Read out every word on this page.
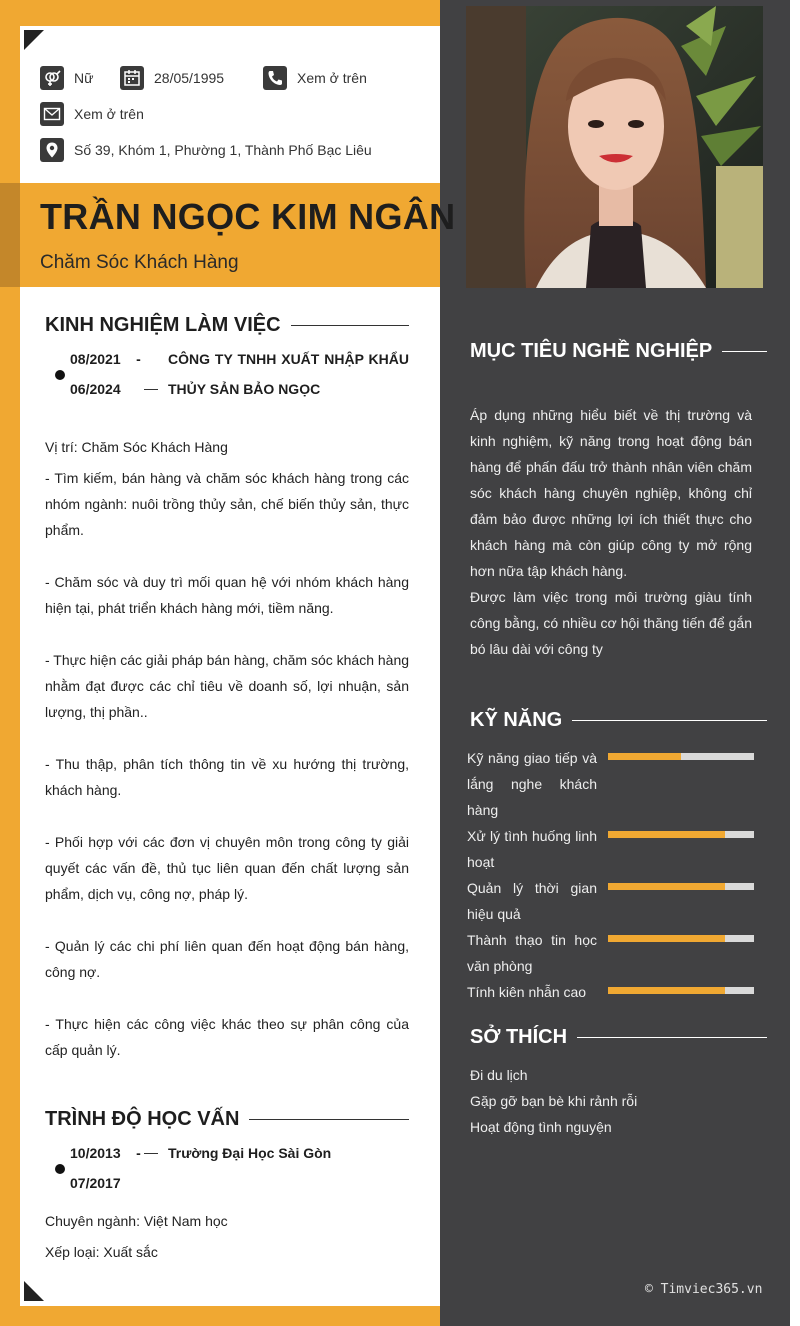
Nữ	28/05/1995	Xem ở trên
Xem ở trên
Số 39, Khóm 1, Phường 1, Thành Phố Bạc Liêu
TRẦN NGỌC KIM NGÂN
Chăm Sóc Khách Hàng
KINH NGHIỆM LÀM VIỆC
08/2021 -
06/2024
CÔNG TY TNHH XUẤT NHẬP KHẨU
THỦY SẢN BẢO NGỌC
Vị trí: Chăm Sóc Khách Hàng
- Tìm kiếm, bán hàng và chăm sóc khách hàng trong các nhóm ngành: nuôi trồng thủy sản, chế biến thủy sản, thực phẩm.
- Chăm sóc và duy trì mối quan hệ với nhóm khách hàng hiện tại, phát triển khách hàng mới, tiềm năng.
- Thực hiện các giải pháp bán hàng, chăm sóc khách hàng nhằm đạt được các chỉ tiêu về doanh số, lợi nhuận, sản lượng, thị phần..
- Thu thập, phân tích thông tin về xu hướng thị trường, khách hàng.
- Phối hợp với các đơn vị chuyên môn trong công ty giải quyết các vấn đề, thủ tục liên quan đến chất lượng sản phẩm, dịch vụ, công nợ, pháp lý.
- Quản lý các chi phí liên quan đến hoạt động bán hàng, công nợ.
- Thực hiện các công việc khác theo sự phân công của cấp quản lý.
TRÌNH ĐỘ HỌC VẤN
10/2013 - Trường Đại Học Sài Gòn
07/2017
Chuyên ngành: Việt Nam học
Xếp loại: Xuất sắc
MỤC TIÊU NGHỀ NGHIỆP
Áp dụng những hiểu biết về thị trường và kinh nghiệm, kỹ năng trong hoạt động bán hàng để phấn đấu trở thành nhân viên chăm sóc khách hàng chuyên nghiệp, không chỉ đảm bảo được những lợi ích thiết thực cho khách hàng mà còn giúp công ty mở rộng hơn nữa tập khách hàng.
Được làm việc trong môi trường giàu tính công bằng, có nhiều cơ hội thăng tiến để gắn bó lâu dài với công ty
KỸ NĂNG
Kỹ năng giao tiếp và lắng nghe khách hàng
Xử lý tình huống linh hoạt
Quản lý thời gian hiệu quả
Thành thạo tin học văn phòng
Tính kiên nhẫn cao
SỞ THÍCH
Đi du lịch
Gặp gỡ bạn bè khi rảnh rỗi
Hoạt động tình nguyện
© Timviec365.vn
